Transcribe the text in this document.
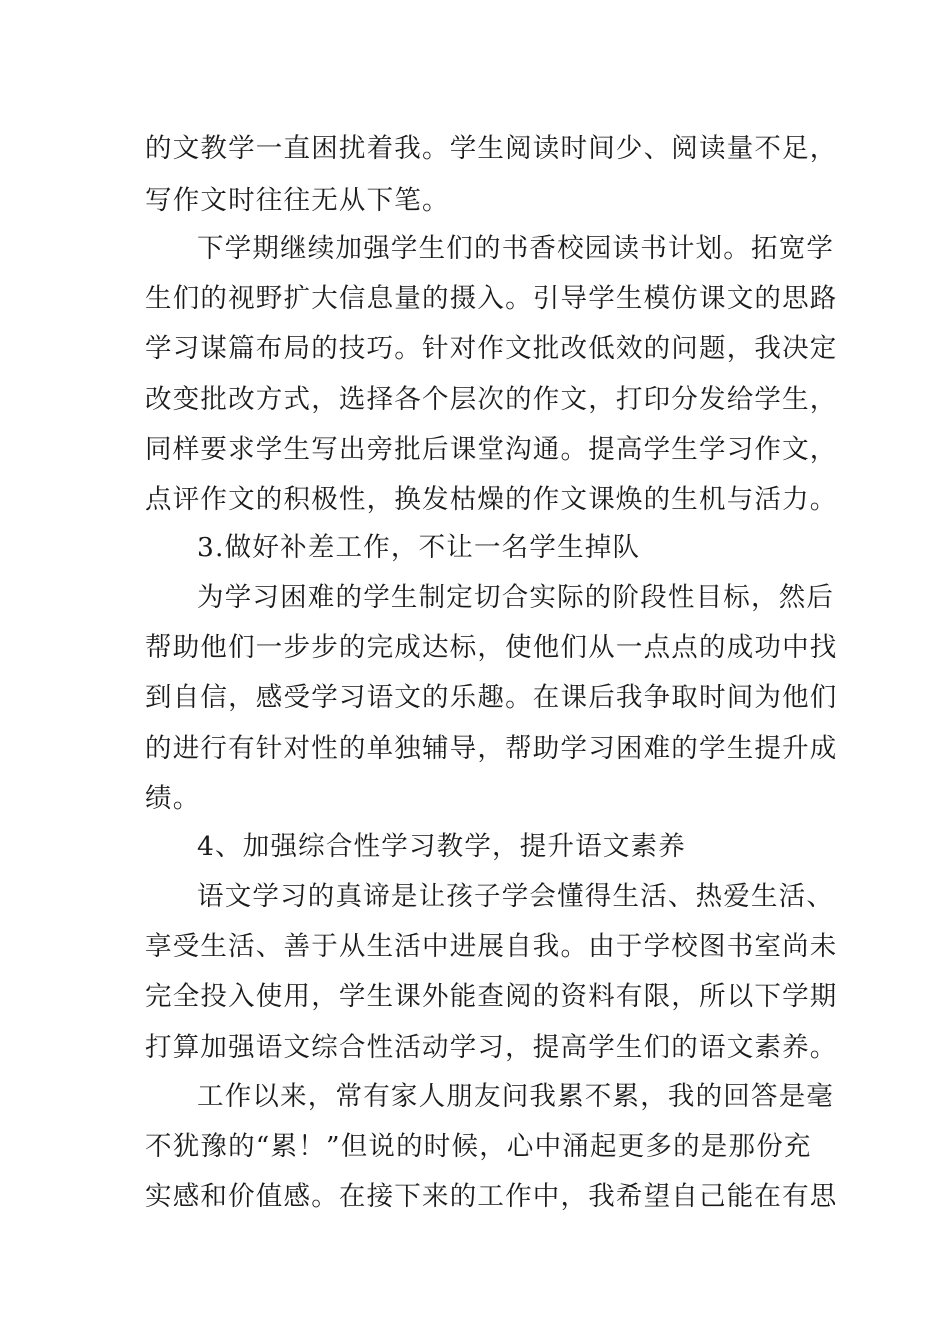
的文教学一直困扰着我。学生阅读时间少、阅读量不足，
写作文时往往无从下笔。
下学期继续加强学生们的书香校园读书计划。拓宽学
生们的视野扩大信息量的摄入。引导学生模仿课文的思路
学习谋篇布局的技巧。针对作文批改低效的问题，我决定
改变批改方式，选择各个层次的作文，打印分发给学生，
同样要求学生写出旁批后课堂沟通。提高学生学习作文，
点评作文的积极性，换发枯燥的作文课焕的生机与活力。
3.做好补差工作，不让一名学生掉队
为学习困难的学生制定切合实际的阶段性目标，然后
帮助他们一步步的完成达标，使他们从一点点的成功中找
到自信，感受学习语文的乐趣。在课后我争取时间为他们
的进行有针对性的单独辅导，帮助学习困难的学生提升成
绩。
4、加强综合性学习教学，提升语文素养
语文学习的真谛是让孩子学会懂得生活、热爱生活、
享受生活、善于从生活中进展自我。由于学校图书室尚未
完全投入使用，学生课外能查阅的资料有限，所以下学期
打算加强语文综合性活动学习，提高学生们的语文素养。
工作以来，常有家人朋友问我累不累，我的回答是毫
不犹豫的“累！”但说的时候，心中涌起更多的是那份充
实感和价值感。在接下来的工作中，我希望自己能在有思
